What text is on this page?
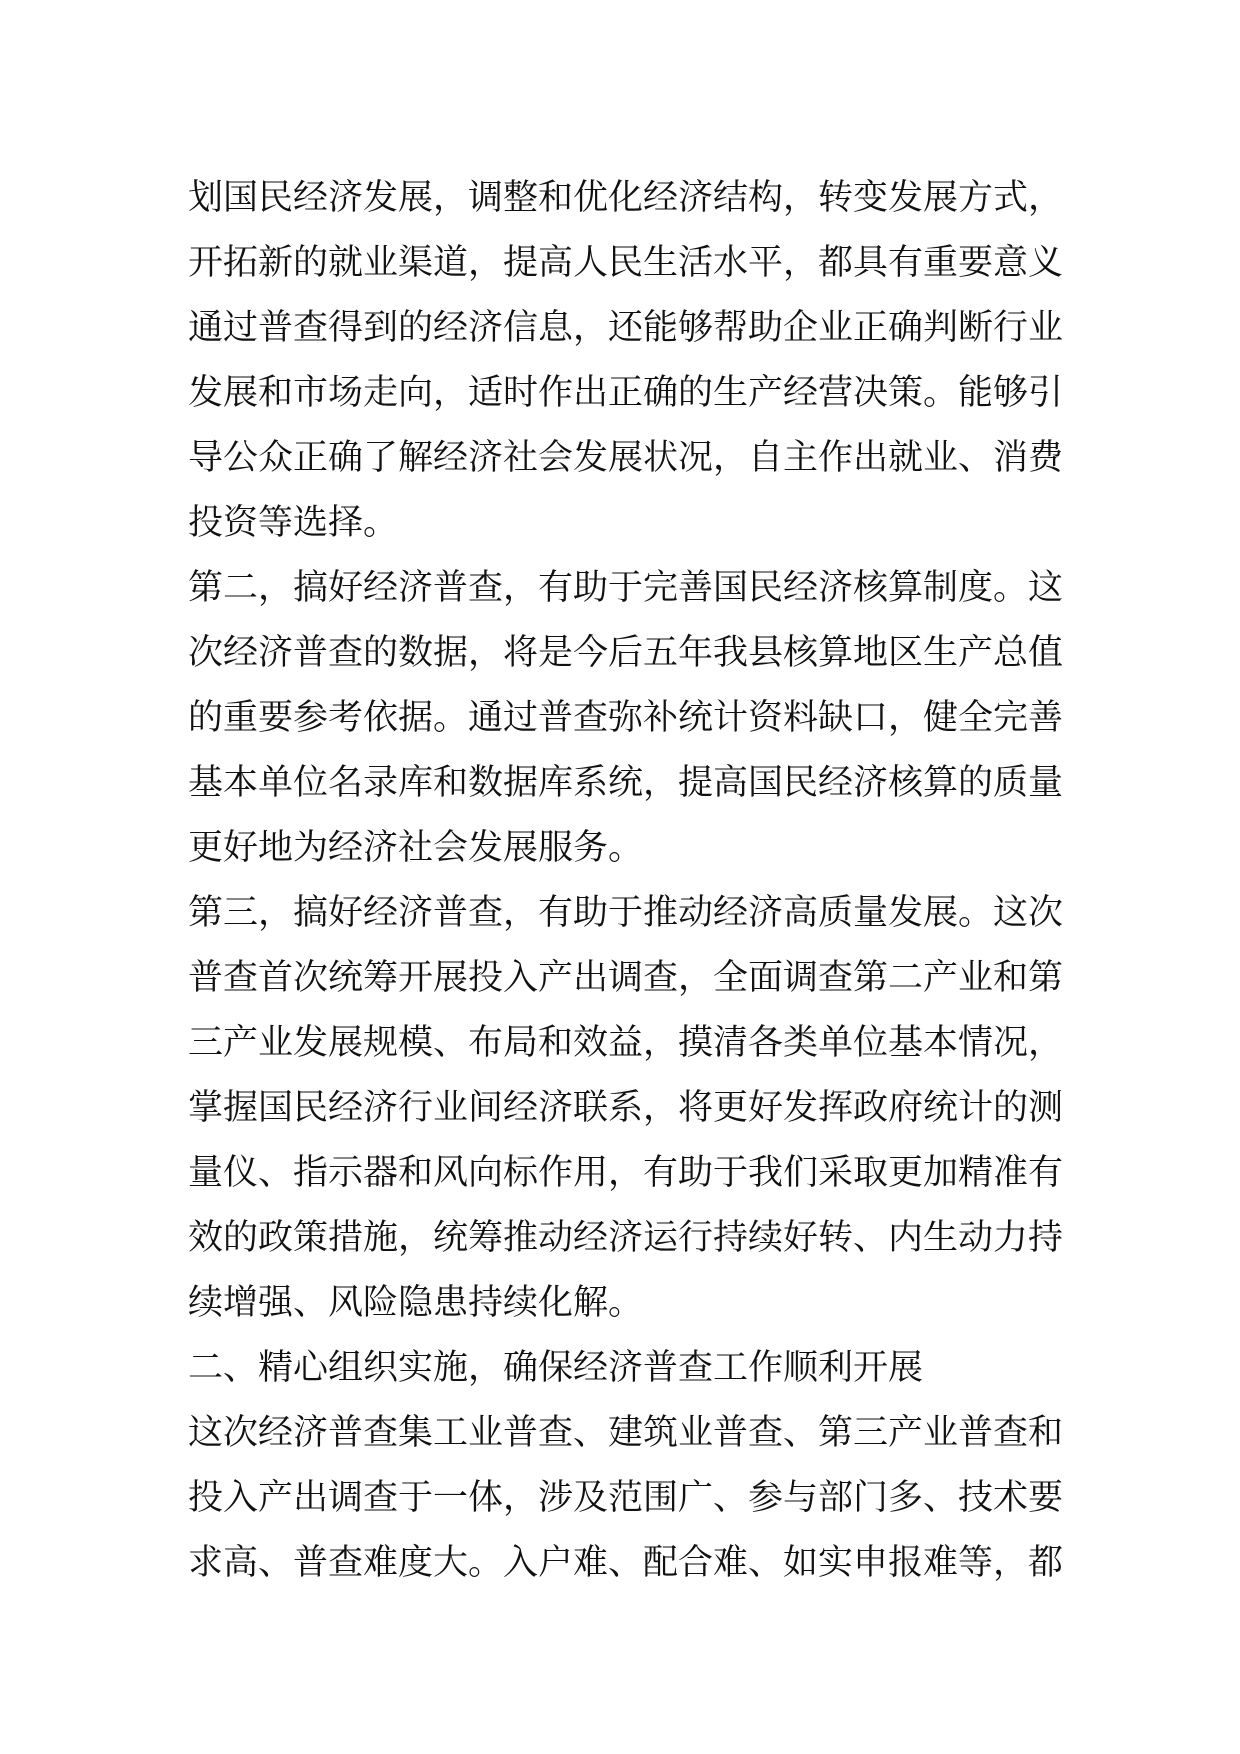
划国民经济发展，调整和优化经济结构，转变发展方式，
开拓新的就业渠道，提高人民生活水平，都具有重要意义
通过普查得到的经济信息，还能够帮助企业正确判断行业
发展和市场走向，适时作出正确的生产经营决策。能够引
导公众正确了解经济社会发展状况，自主作出就业、消费
投资等选择。
第二，搞好经济普查，有助于完善国民经济核算制度。这
次经济普查的数据，将是今后五年我县核算地区生产总值
的重要参考依据。通过普查弥补统计资料缺口，健全完善
基本单位名录库和数据库系统，提高国民经济核算的质量
更好地为经济社会发展服务。
第三，搞好经济普查，有助于推动经济高质量发展。这次
普查首次统筹开展投入产出调查，全面调查第二产业和第
三产业发展规模、布局和效益，摸清各类单位基本情况，
掌握国民经济行业间经济联系，将更好发挥政府统计的测
量仪、指示器和风向标作用，有助于我们采取更加精准有
效的政策措施，统筹推动经济运行持续好转、内生动力持
续增强、风险隐患持续化解。
二、精心组织实施，确保经济普查工作顺利开展
这次经济普查集工业普查、建筑业普查、第三产业普查和
投入产出调查于一体，涉及范围广、参与部门多、技术要
求高、普查难度大。入户难、配合难、如实申报难等，都
